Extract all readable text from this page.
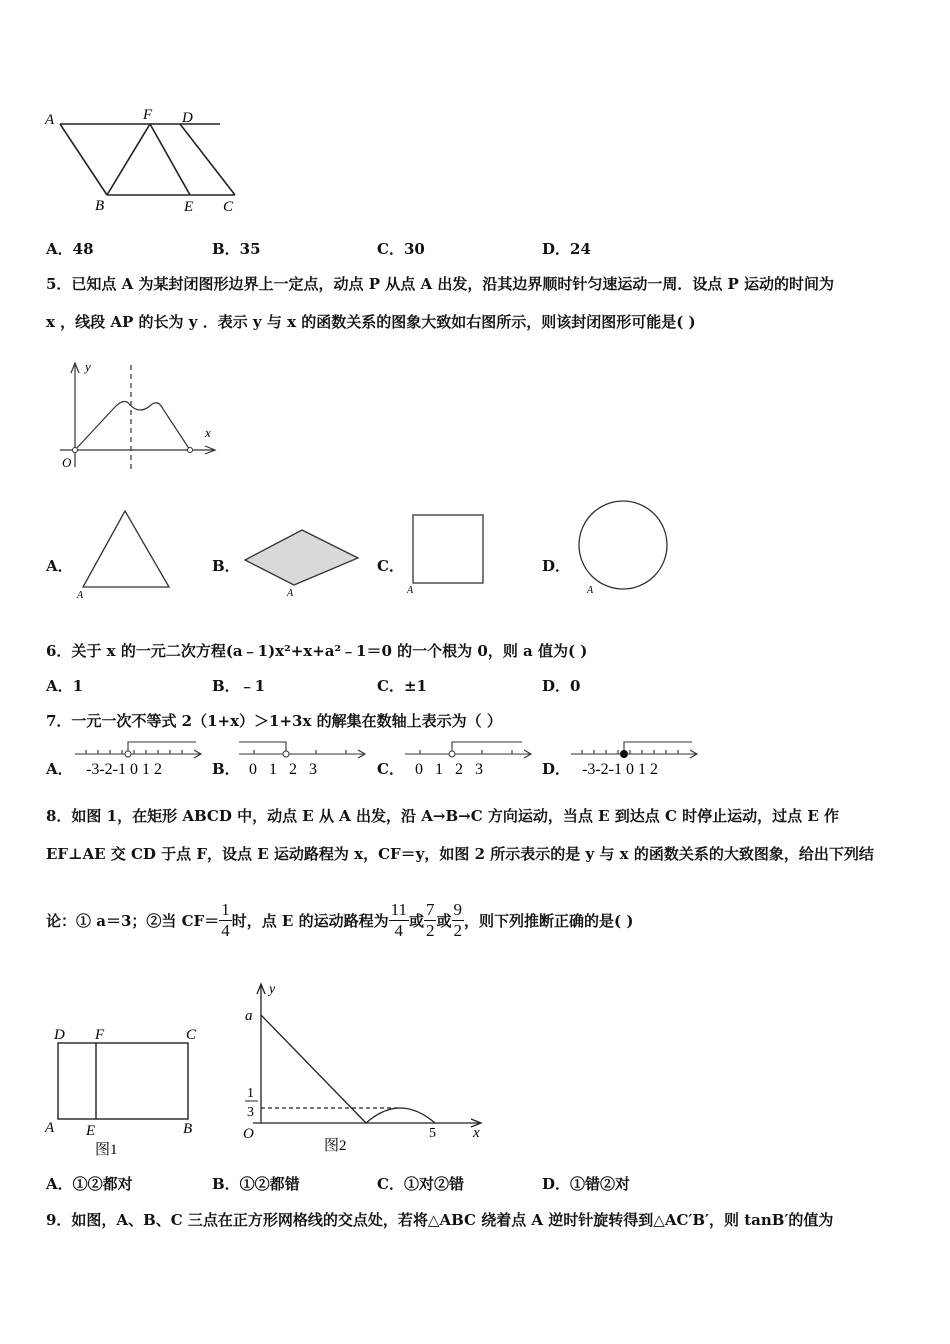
A	F D
B	E C
A．48	B．35	C．30	D．24
5．已知点 A 为某封闭图形边界上一定点，动点 P 从点 A 出发，沿其边界顺时针匀速运动一周．设点 P 运动的时间为
x ，线段 AP 的长为 y ．表示 y 与 x 的函数关系的图象大致如右图所示，则该封闭图形可能是( )
y
x
O
A．
A
B．
A
C．
A
D．
A
6．关于 x 的一元二次方程(a﹣1)x²+x+a²﹣1＝0 的一个根为 0，则 a 值为( )
A．1	B．﹣1	C．±1	D．0
7．一元一次不等式 2（1+x）＞1+3x 的解集在数轴上表示为（ ）
A． -3-2-1 0 1 2	B． 0   1   2   3	C． 0   1   2   3	D． -3-2-1 0 1 2
8．如图 1，在矩形 ABCD 中，动点 E 从 A 出发，沿 A→B→C 方向运动，当点 E 到达点 C 时停止运动，过点 E 作
EF⊥AE 交 CD 于点 F，设点 E 运动路程为 x，CF＝y，如图 2 所示表示的是 y 与 x 的函数关系的大致图象，给出下列结
论：① a＝3；②当 $CF= \frac{1}{4}$ 时，点 E 的运动路程为 $\frac{11}{4}$ 或 $\frac{7}{2}$ 或 $\frac{9}{2}$ ，则下列推断正确的是( )
D F	C
A E	B
图1
y
a
1
3
O	5 x
图2
A．①②都对	B．①②都错	C．①对②错	D．①错②对
9．如图，A、B、C 三点在正方形网格线的交点处，若将△ABC 绕着点 A 逆时针旋转得到△AC′B′，则 tanB′的值为
